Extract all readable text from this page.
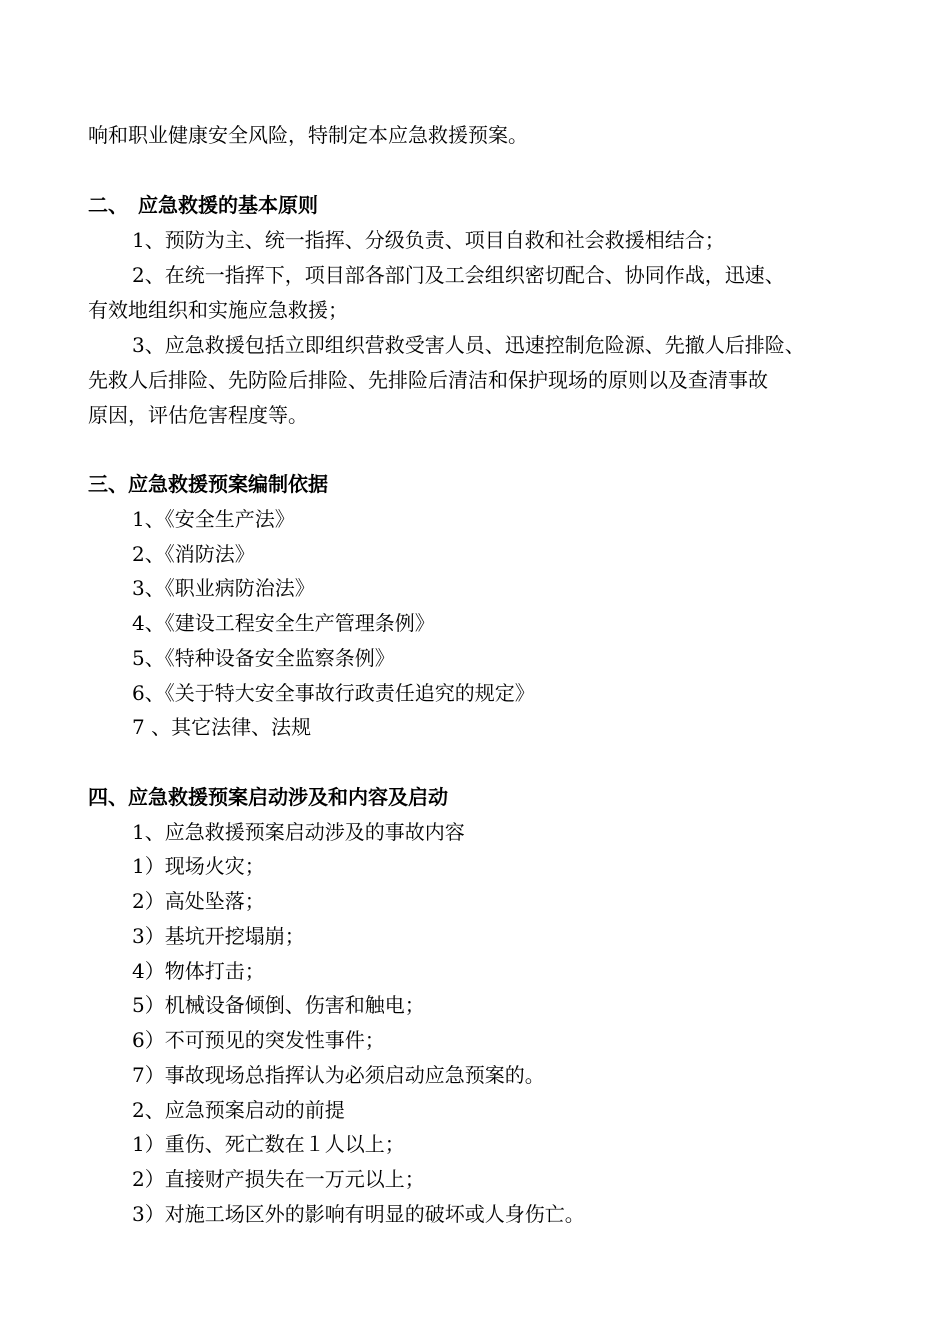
响和职业健康安全风险，特制定本应急救援预案。
二、　应急救援的基本原则
1、预防为主、统一指挥、分级负责、项目自救和社会救援相结合；
2、在统一指挥下，项目部各部门及工会组织密切配合、协同作战，迅速、
有效地组织和实施应急救援；
3、应急救援包括立即组织营救受害人员、迅速控制危险源、先撤人后排险、
先救人后排险、先防险后排险、先排险后清洁和保护现场的原则以及查清事故
原因，评估危害程度等。
三、应急救援预案编制依据
1、《安全生产法》
2、《消防法》
3、《职业病防治法》
4、《建设工程安全生产管理条例》
5、《特种设备安全监察条例》
6、《关于特大安全事故行政责任追究的规定》
7 、其它法律、法规
四、应急救援预案启动涉及和内容及启动
1、应急救援预案启动涉及的事故内容
1）现场火灾；
2）高处坠落；
3）基坑开挖塌崩；
4）物体打击；
5）机械设备倾倒、伤害和触电；
6）不可预见的突发性事件；
7）事故现场总指挥认为必须启动应急预案的。
2、应急预案启动的前提
1）重伤、死亡数在１人以上；
2）直接财产损失在一万元以上；
3）对施工场区外的影响有明显的破坏或人身伤亡。
